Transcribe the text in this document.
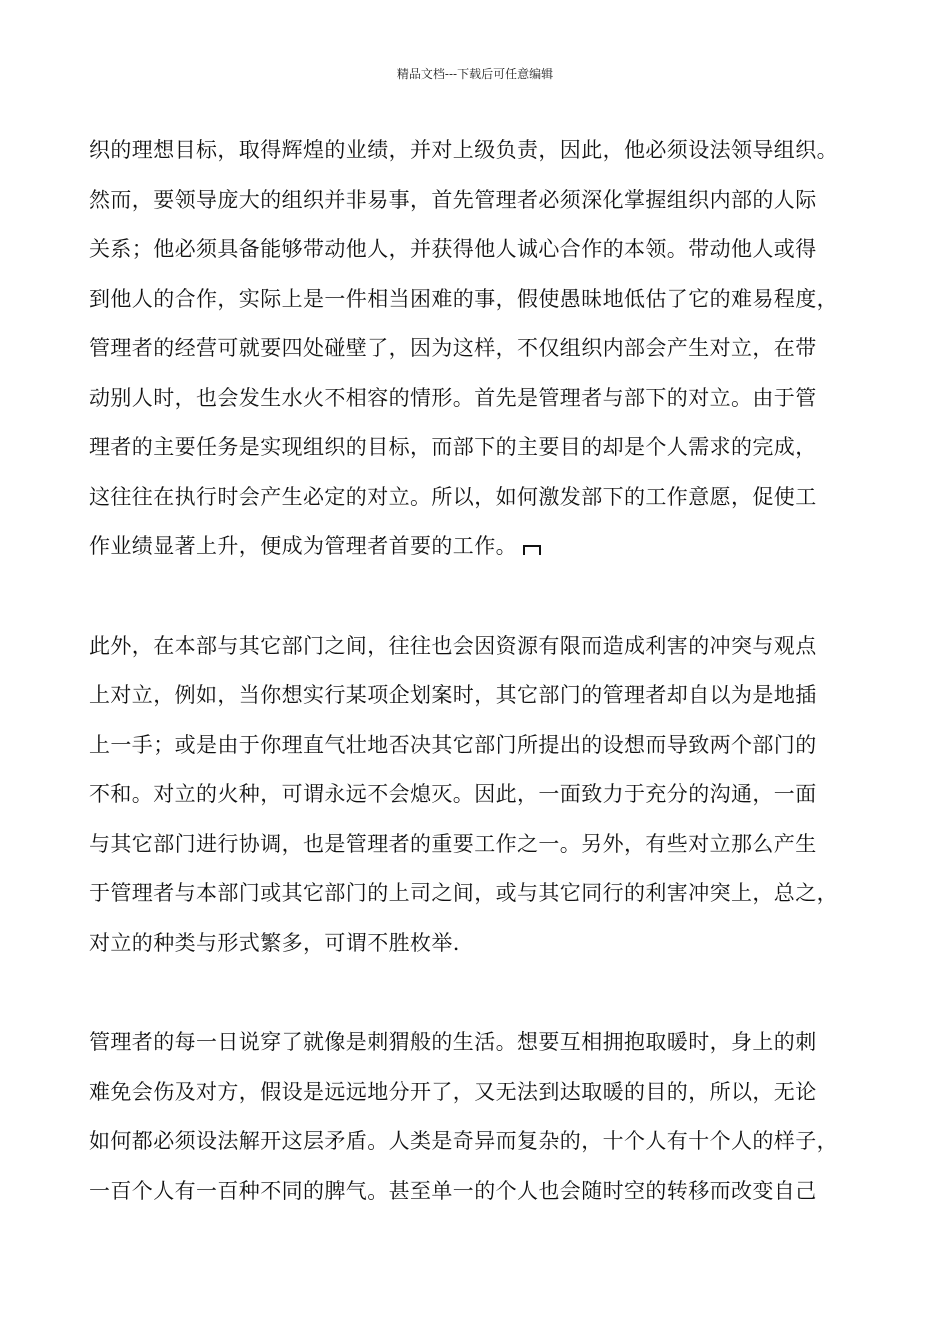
精品文档---下载后可任意编辑
织的理想目标，取得辉煌的业绩，并对上级负责，因此，他必须设法领导组织。
然而，要领导庞大的组织并非易事，首先管理者必须深化掌握组织内部的人际
关系；他必须具备能够带动他人，并获得他人诚心合作的本领。带动他人或得
到他人的合作，实际上是一件相当困难的事，假使愚昧地低估了它的难易程度，
管理者的经营可就要四处碰壁了，因为这样，不仅组织内部会产生对立，在带
动别人时，也会发生水火不相容的情形。首先是管理者与部下的对立。由于管
理者的主要任务是实现组织的目标，而部下的主要目的却是个人需求的完成，
这往往在执行时会产生必定的对立。所以，如何激发部下的工作意愿，促使工
作业绩显著上升，便成为管理者首要的工作。
此外，在本部与其它部门之间，往往也会因资源有限而造成利害的冲突与观点
上对立，例如，当你想实行某项企划案时，其它部门的管理者却自以为是地插
上一手；或是由于你理直气壮地否决其它部门所提出的设想而导致两个部门的
不和。对立的火种，可谓永远不会熄灭。因此，一面致力于充分的沟通，一面
与其它部门进行协调，也是管理者的重要工作之一。另外，有些对立那么产生
于管理者与本部门或其它部门的上司之间，或与其它同行的利害冲突上，总之，
对立的种类与形式繁多，可谓不胜枚举.
管理者的每一日说穿了就像是刺猬般的生活。想要互相拥抱取暖时，身上的刺
难免会伤及对方，假设是远远地分开了，又无法到达取暖的目的，所以，无论
如何都必须设法解开这层矛盾。人类是奇异而复杂的，十个人有十个人的样子，
一百个人有一百种不同的脾气。甚至单一的个人也会随时空的转移而改变自己
